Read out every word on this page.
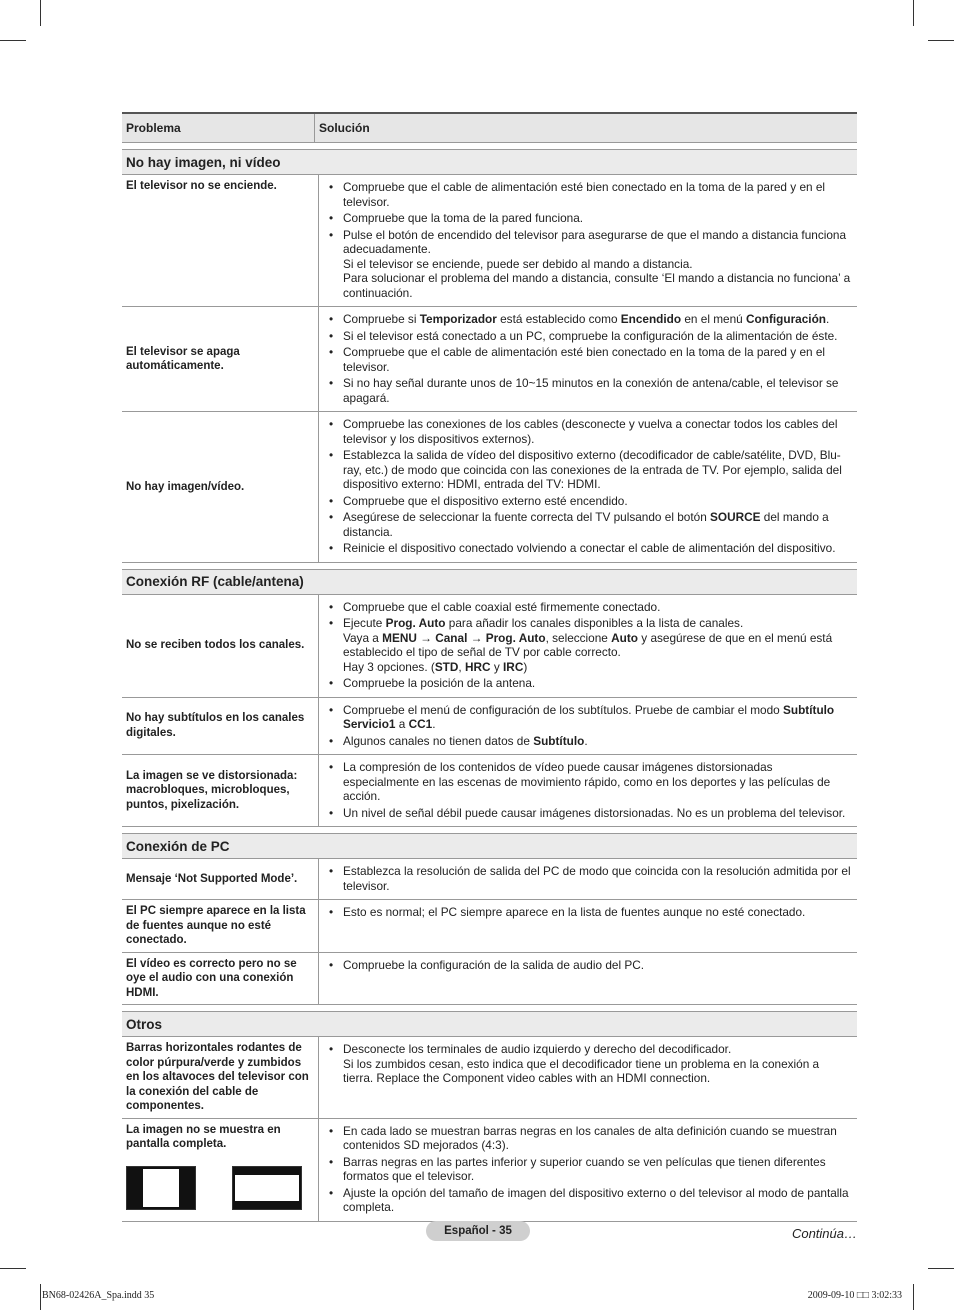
Problema	Solución
No hay imagen, ni vídeo
El televisor no se enciende.
•	Compruebe que el cable de alimentación esté bien conectado en la toma de la pared y en el televisor.
• Compruebe que la toma de la pared funciona.
• Pulse el botón de encendido del televisor para asegurarse de que el mando a distancia funciona adecuadamente.
Si el televisor se enciende, puede ser debido al mando a distancia.
Para solucionar el problema del mando a distancia, consulte ‘El mando a distancia no funciona’ a continuación.
El televisor se apaga automáticamente.
• Compruebe si Temporizador está establecido como Encendido en el menú Configuración.
• Si el televisor está conectado a un PC, compruebe la configuración de la alimentación de éste.
• Compruebe que el cable de alimentación esté bien conectado en la toma de la pared y en el televisor.
• Si no hay señal durante unos de 10~15 minutos en la conexión de antena/cable, el televisor se apagará.
No hay imagen/vídeo.
• Compruebe las conexiones de los cables (desconecte y vuelva a conectar todos los cables del televisor y los dispositivos externos).
• Establezca la salida de vídeo del dispositivo externo (decodificador de cable/satélite, DVD, Blu-ray, etc.) de modo que coincida con las conexiones de la entrada de TV. Por ejemplo, salida del dispositivo externo: HDMI, entrada del TV: HDMI.
• Compruebe que el dispositivo externo esté encendido.
• Asegúrese de seleccionar la fuente correcta del TV pulsando el botón SOURCE del mando a distancia.
• Reinicie el dispositivo conectado volviendo a conectar el cable de alimentación del dispositivo.
Conexión RF (cable/antena)
No se reciben todos los canales.
• Compruebe que el cable coaxial esté firmemente conectado.
• Ejecute Prog. Auto para añadir los canales disponibles a la lista de canales.
Vaya a MENU → Canal → Prog. Auto, seleccione Auto y asegúrese de que en el menú está establecido el tipo de señal de TV por cable correcto.
Hay 3 opciones. (STD, HRC y IRC)
• Compruebe la posición de la antena.
No hay subtítulos en los canales digitales.
• Compruebe el menú de configuración de los subtítulos. Pruebe de cambiar el modo Subtítulo Servicio1 a CC1.
• Algunos canales no tienen datos de Subtítulo.
La imagen se ve distorsionada: macrobloques, microbloques, puntos, pixelización.
• La compresión de los contenidos de vídeo puede causar imágenes distorsionadas especialmente en las escenas de movimiento rápido, como en los deportes y las películas de acción.
• Un nivel de señal débil puede causar imágenes distorsionadas. No es un problema del televisor.
Conexión de PC
Mensaje ‘Not Supported Mode’.
• Establezca la resolución de salida del PC de modo que coincida con la resolución admitida por el televisor.
El PC siempre aparece en la lista de fuentes aunque no esté conectado.
• Esto es normal; el PC siempre aparece en la lista de fuentes aunque no esté conectado.
El vídeo es correcto pero no se oye el audio con una conexión HDMI.
• Compruebe la configuración de la salida de audio del PC.
Otros
Barras horizontales rodantes de color púrpura/verde y zumbidos en los altavoces del televisor con la conexión del cable de componentes.
• Desconecte los terminales de audio izquierdo y derecho del decodificador.
Si los zumbidos cesan, esto indica que el decodificador tiene un problema en la conexión a tierra. Replace the Component video cables with an HDMI connection.
La imagen no se muestra en pantalla completa.
• En cada lado se muestran barras negras en los canales de alta definición cuando se muestran contenidos SD mejorados (4:3).
• Barras negras en las partes inferior y superior cuando se ven películas que tienen diferentes formatos que el televisor.
• Ajuste la opción del tamaño de imagen del dispositivo externo o del televisor al modo de pantalla completa.
Continúa…
Español - 35
BN68-02426A_Spa.indd 35	2009-09-10 □□ 3:02:33
